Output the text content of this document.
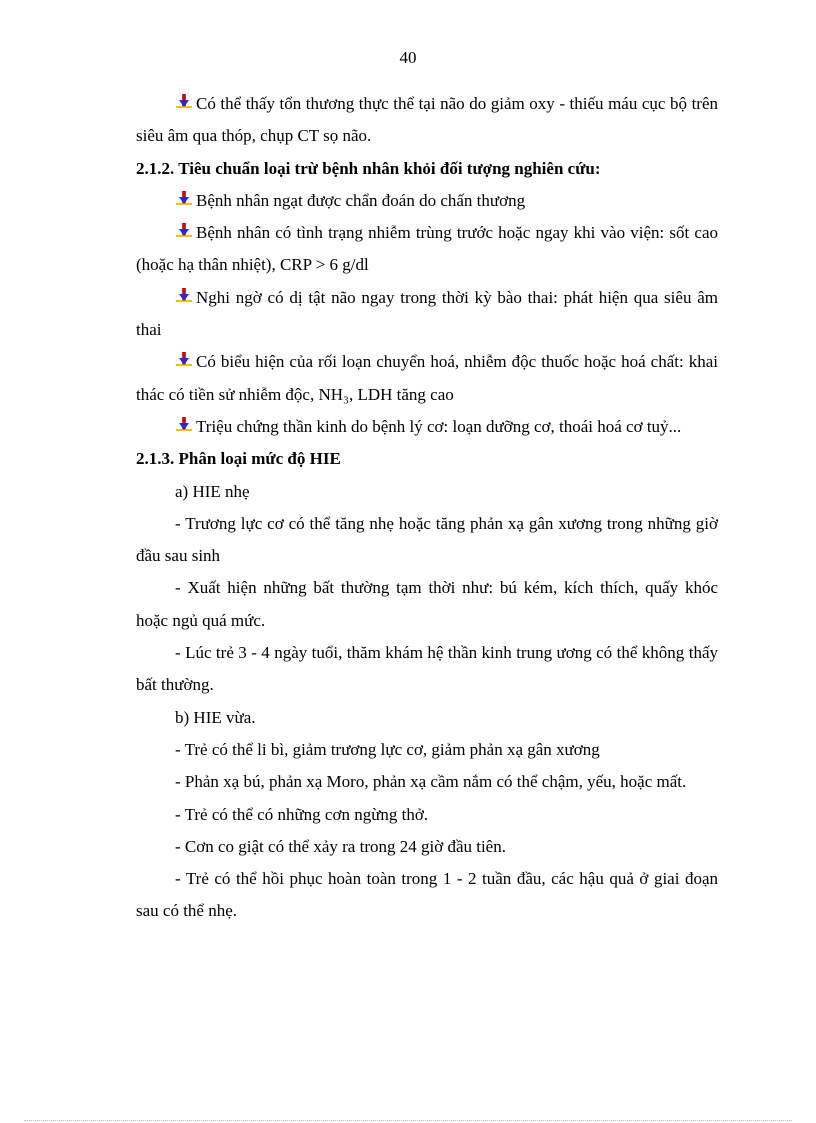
40

Có thể thấy tổn thương thực thể tại não do giảm oxy - thiếu máu cục bộ trên siêu âm qua thóp, chụp CT sọ não.

2.1.2. Tiêu chuẩn loại trừ bệnh nhân khỏi đối tượng nghiên cứu:

Bệnh nhân ngạt được chẩn đoán do chấn thương

Bệnh nhân có tình trạng nhiễm trùng trước hoặc ngay khi vào viện: sốt cao (hoặc hạ thân nhiệt), CRP > 6 g/dl

Nghi ngờ có dị tật não ngay trong thời kỳ bào thai: phát hiện qua siêu âm thai

Có biểu hiện của rối loạn chuyển hoá, nhiễm độc thuốc hoặc hoá chất: khai thác có tiền sử nhiễm độc, NH₃, LDH tăng cao

Triệu chứng thần kinh do bệnh lý cơ: loạn dưỡng cơ, thoái hoá cơ tuỷ...

2.1.3. Phân loại mức độ HIE

a) HIE nhẹ

- Trương lực cơ có thể tăng nhẹ hoặc tăng phản xạ gân xương trong những giờ đầu sau sinh

- Xuất hiện những bất thường tạm thời như: bú kém, kích thích, quấy khóc hoặc ngủ quá mức.

- Lúc trẻ 3 - 4 ngày tuổi, thăm khám hệ thần kinh trung ương có thể không thấy bất thường.

b) HIE vừa.

- Trẻ có thể li bì, giảm trương lực cơ, giảm phản xạ gân xương

- Phản xạ bú, phản xạ Moro, phản xạ cầm nắm có thể chậm, yếu, hoặc mất.

- Trẻ có thể có những cơn ngừng thở.

- Cơn co giật có thể xảy ra trong 24 giờ đầu tiên.

- Trẻ có thể hồi phục hoàn toàn trong 1 - 2 tuần đầu, các hậu quả ở giai đoạn sau có thể nhẹ.
